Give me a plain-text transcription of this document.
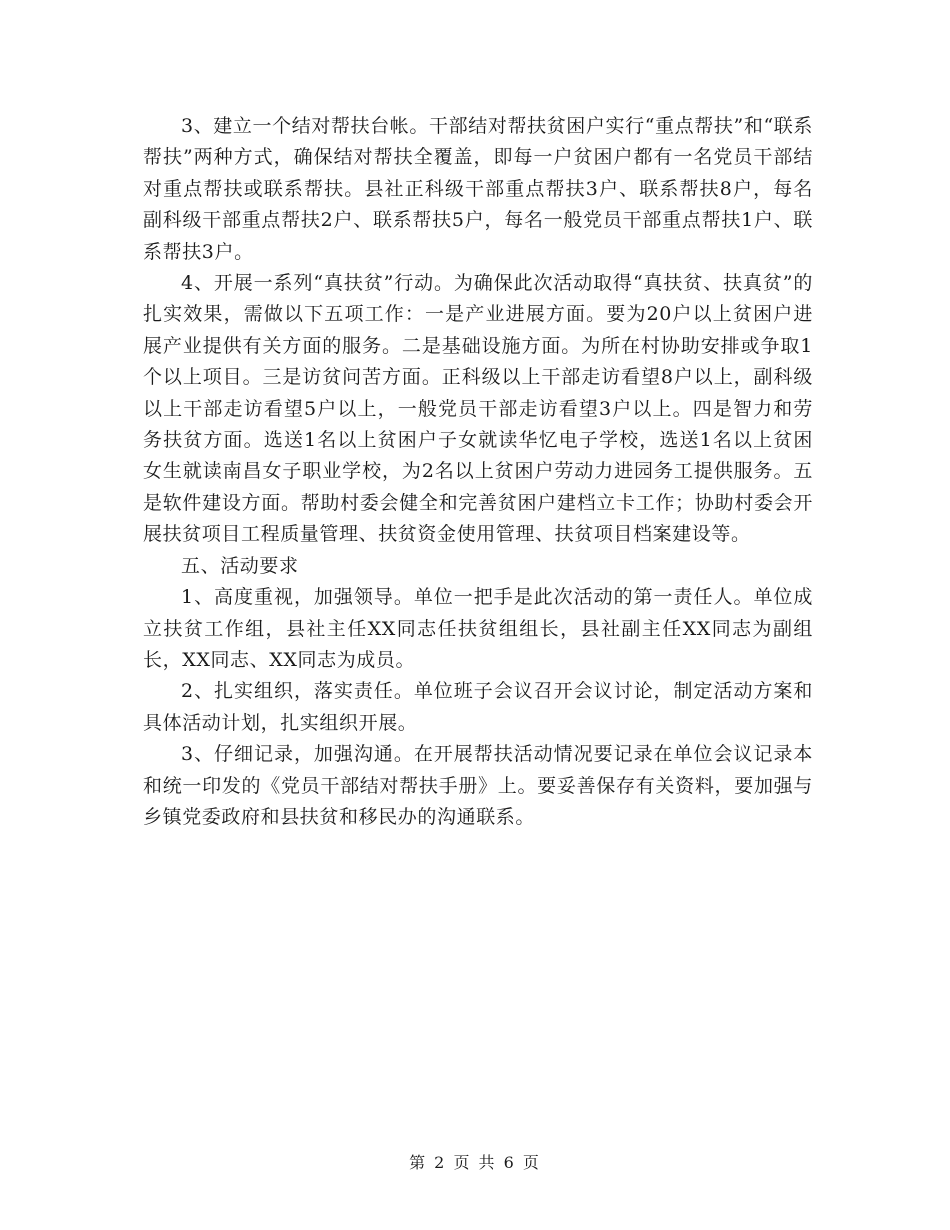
3、建立一个结对帮扶台帐。干部结对帮扶贫困户实行“重点帮扶”和“联系帮扶”两种方式，确保结对帮扶全覆盖，即每一户贫困户都有一名党员干部结对重点帮扶或联系帮扶。县社正科级干部重点帮扶3户、联系帮扶8户，每名副科级干部重点帮扶2户、联系帮扶5户，每名一般党员干部重点帮扶1户、联系帮扶3户。

4、开展一系列“真扶贫”行动。为确保此次活动取得“真扶贫、扶真贫”的扎实效果，需做以下五项工作：一是产业进展方面。要为20户以上贫困户进展产业提供有关方面的服务。二是基础设施方面。为所在村协助安排或争取1个以上项目。三是访贫问苦方面。正科级以上干部走访看望8户以上，副科级以上干部走访看望5户以上，一般党员干部走访看望3户以上。四是智力和劳务扶贫方面。选送1名以上贫困户子女就读华忆电子学校，选送1名以上贫困女生就读南昌女子职业学校，为2名以上贫困户劳动力进园务工提供服务。五是软件建设方面。帮助村委会健全和完善贫困户建档立卡工作；协助村委会开展扶贫项目工程质量管理、扶贫资金使用管理、扶贫项目档案建设等。

五、活动要求

1、高度重视，加强领导。单位一把手是此次活动的第一责任人。单位成立扶贫工作组，县社主任XX同志任扶贫组组长，县社副主任XX同志为副组长，XX同志、XX同志为成员。

2、扎实组织，落实责任。单位班子会议召开会议讨论，制定活动方案和具体活动计划，扎实组织开展。

3、仔细记录，加强沟通。在开展帮扶活动情况要记录在单位会议记录本和统一印发的《党员干部结对帮扶手册》上。要妥善保存有关资料，要加强与乡镇党委政府和县扶贫和移民办的沟通联系。

第 2 页 共 6 页
